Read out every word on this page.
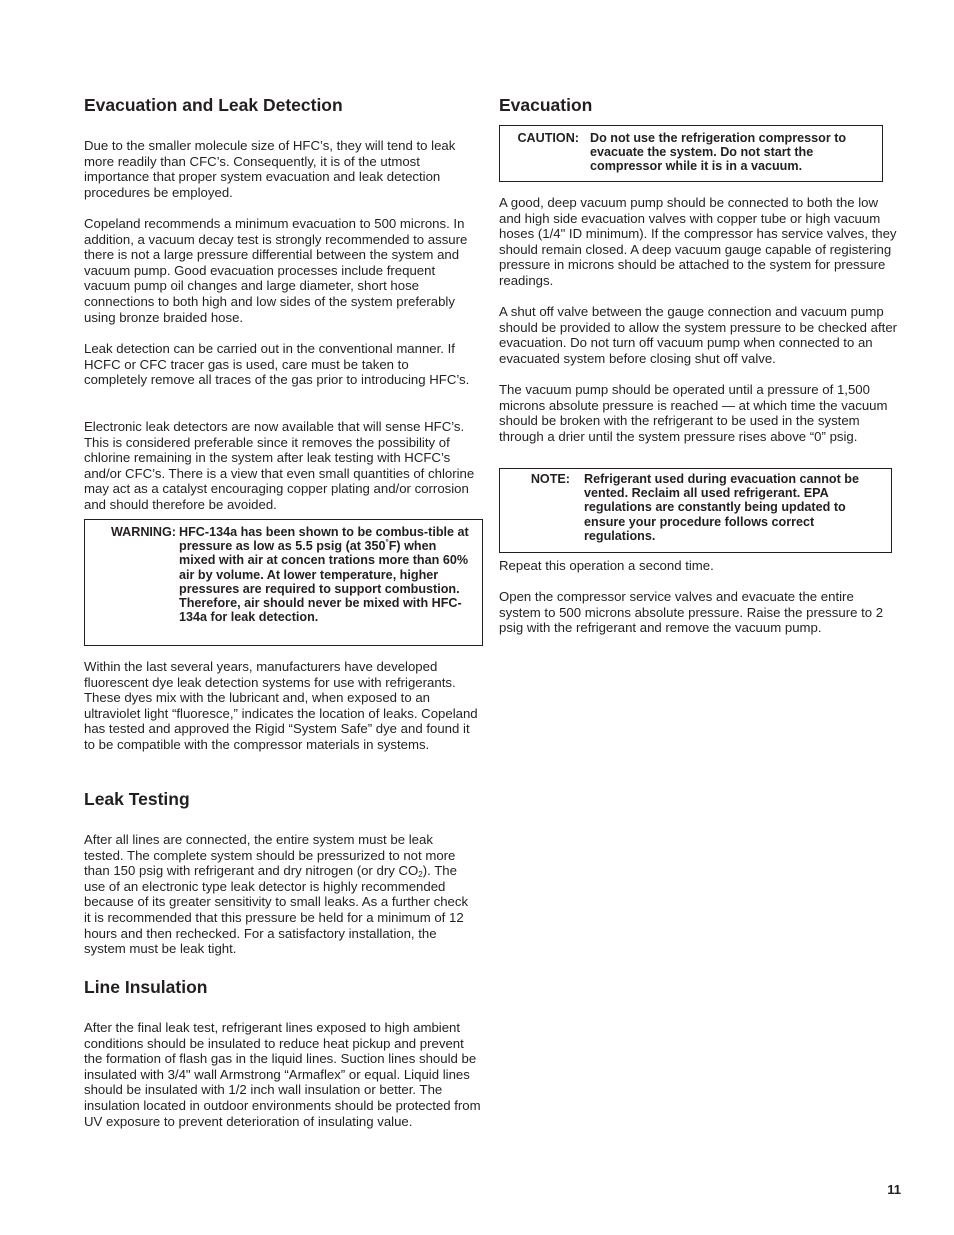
Evacuation and Leak Detection

Due to the smaller molecule size of HFC’s, they will tend to leak more readily than CFC’s. Consequently, it is of the utmost importance that proper system evacuation and leak detection procedures be employed.

Copeland recommends a minimum evacuation to 500 microns. In addition, a vacuum decay test is strongly recommended to assure there is not a large pressure differential between the system and vacuum pump. Good evacuation processes include frequent vacuum pump oil changes and large diameter, short hose connections to both high and low sides of the system preferably using bronze braided hose.

Leak detection can be carried out in the conventional manner. If HCFC or CFC tracer gas is used, care must be taken to completely remove all traces of the gas prior to introducing HFC’s.

Electronic leak detectors are now available that will sense HFC’s. This is considered preferable since it removes the possibility of chlorine remaining in the system after leak testing with HCFC’s and/or CFC’s. There is a view that even small quantities of chlorine may act as a catalyst encouraging copper plating and/or corrosion and should therefore be avoided.

WARNING: HFC-134a has been shown to be combus-tible at pressure as low as 5.5 psig (at 350°F) when mixed with air at concen trations more than 60% air by volume. At lower temperature, higher pressures are required to support combustion. Therefore, air should never be mixed with HFC-134a for leak detection.

Within the last several years, manufacturers have developed fluorescent dye leak detection systems for use with refrigerants. These dyes mix with the lubricant and, when exposed to an ultraviolet light “fluoresce,” indicates the location of leaks. Copeland has tested and approved the Rigid “System Safe” dye and found it to be compatible with the compressor materials in systems.

Leak Testing

After all lines are connected, the entire system must be leak tested. The complete system should be pressurized to not more than 150 psig with refrigerant and dry nitrogen (or dry $CO_2$). The use of an electronic type leak detector is highly recommended because of its greater sensitivity to small leaks. As a further check it is recommended that this pressure be held for a minimum of 12 hours and then rechecked. For a satisfactory installation, the system must be leak tight.

Line Insulation

After the final leak test, refrigerant lines exposed to high ambient conditions should be insulated to reduce heat pickup and prevent the formation of flash gas in the liquid lines. Suction lines should be insulated with 3/4" wall Armstrong “Armaflex” or equal. Liquid lines should be insulated with 1/2 inch wall insulation or better. The insulation located in outdoor environments should be protected from UV exposure to prevent deterioration of insulating value.

Evacuation
CAUTION: Do not use the refrigeration compressor to evacuate the system. Do not start the compressor while it is in a vacuum.

A good, deep vacuum pump should be connected to both the low and high side evacuation valves with copper tube or high vacuum hoses (1/4" ID minimum). If the compressor has service valves, they should remain closed. A deep vacuum gauge capable of registering pressure in microns should be attached to the system for pressure readings.

A shut off valve between the gauge connection and vacuum pump should be provided to allow the system pressure to be checked after evacuation. Do not turn off vacuum pump when connected to an evacuated system before closing shut off valve.

The vacuum pump should be operated until a pressure of 1,500 microns absolute pressure is reached — at which time the vacuum should be broken with the refrigerant to be used in the system through a drier until the system pressure rises above “0” psig.

NOTE: Refrigerant used during evacuation cannot be vented. Reclaim all used refrigerant. EPA regulations are constantly being updated to ensure your procedure follows correct regulations.

Repeat this operation a second time.

Open the compressor service valves and evacuate the entire system to 500 microns absolute pressure. Raise the pressure to 2 psig with the refrigerant and remove the vacuum pump.

11
